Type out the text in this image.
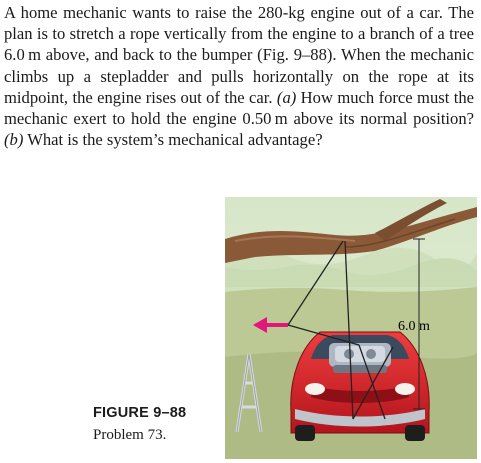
A home mechanic wants to raise the 280-kg engine out of a car. The plan is to stretch a rope vertically from the engine to a branch of a tree 6.0 m above, and back to the bumper (Fig. 9–88). When the mechanic climbs up a stepladder and pulls horizontally on the rope at its midpoint, the engine rises out of the car. (a) How much force must the mechanic exert to hold the engine 0.50 m above its normal position? (b) What is the system’s mechanical advantage?

6.0 m
FIGURE 9–88
Problem 73.
